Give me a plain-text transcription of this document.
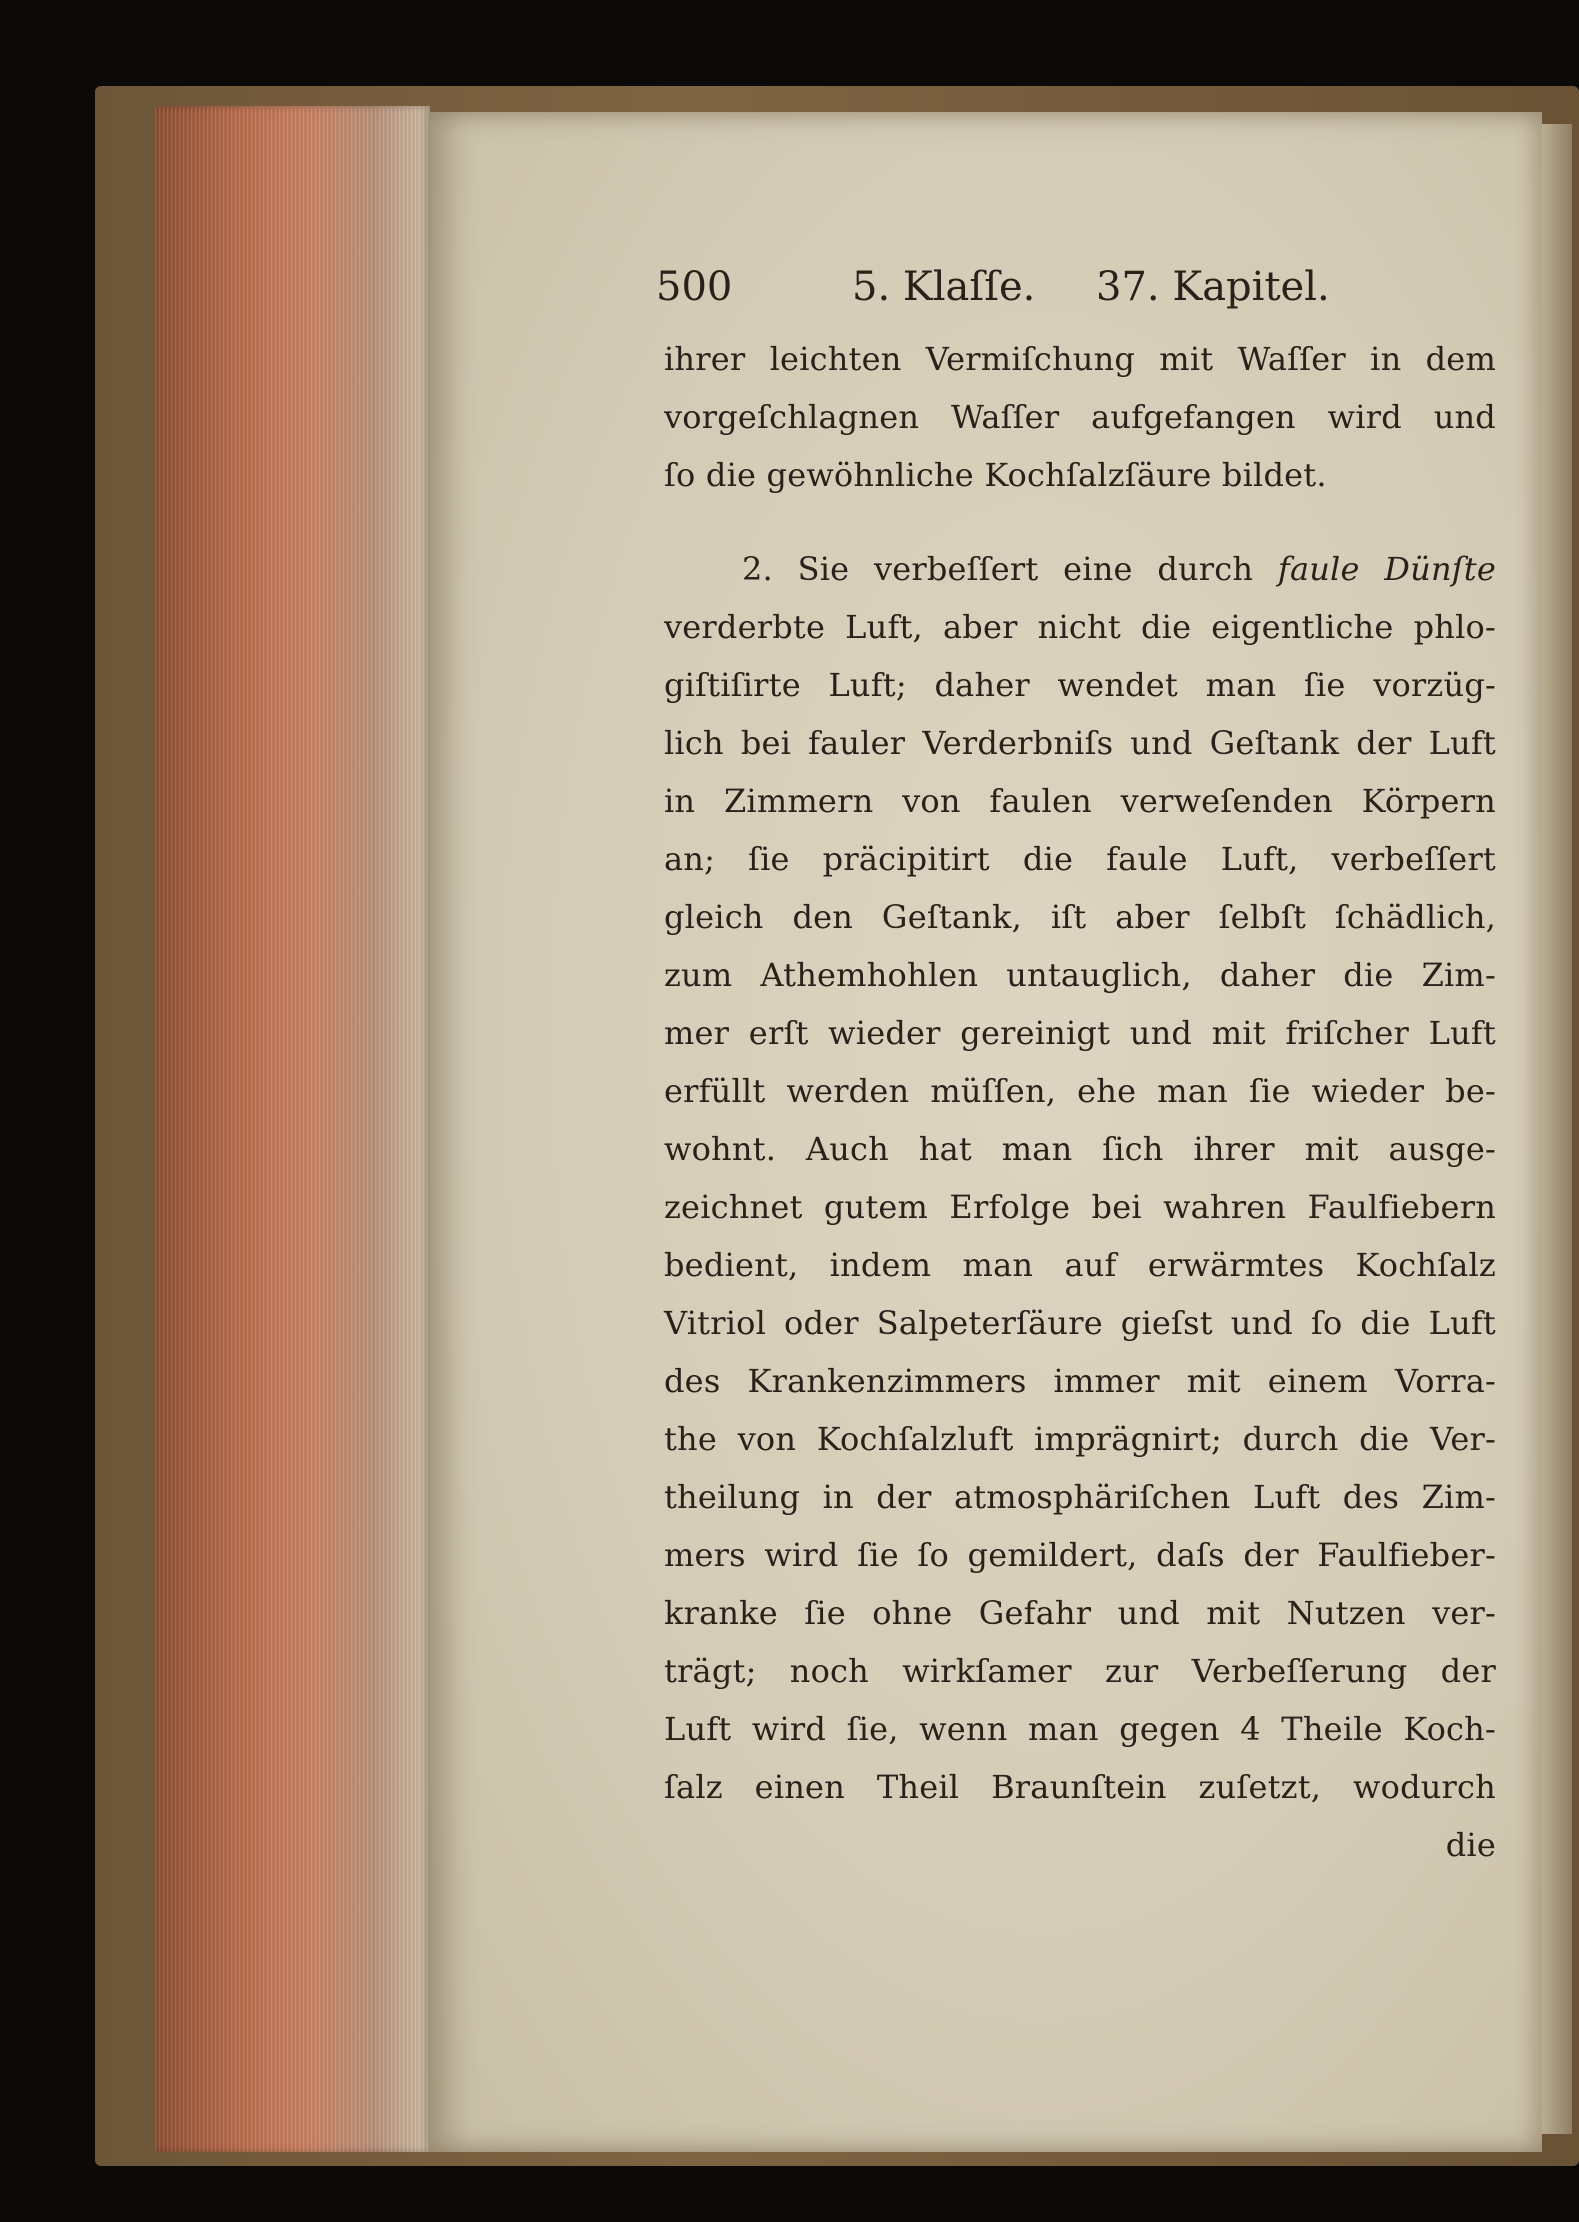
500	5. Klaſſe. 37. Kapitel.
ihrer leichten Vermiſchung mit Waſſer in dem
vorgeſchlagnen Waſſer aufgefangen wird und
ſo die gewöhnliche Kochſalzſäure bildet.
2. Sie verbeſſert eine durch faule Dünſte
verderbte Luft, aber nicht die eigentliche phlo-
giſtiſirte Luft; daher wendet man ſie vorzüg-
lich bei fauler Verderbniſs und Geſtank der Luft
in Zimmern von faulen verweſenden Körpern
an; ſie präcipitirt die faule Luft, verbeſſert
gleich den Geſtank, iſt aber ſelbſt ſchädlich,
zum Athemhohlen untauglich, daher die Zim-
mer erſt wieder gereinigt und mit friſcher Luft
erfüllt werden müſſen, ehe man ſie wieder be-
wohnt. Auch hat man ſich ihrer mit ausge-
zeichnet gutem Erfolge bei wahren Faulfiebern
bedient, indem man auf erwärmtes Kochſalz
Vitriol oder Salpeterſäure gieſst und ſo die Luft
des Krankenzimmers immer mit einem Vorra-
the von Kochſalzluft imprägnirt; durch die Ver-
theilung in der atmosphäriſchen Luft des Zim-
mers wird ſie ſo gemildert, daſs der Faulfieber-
kranke ſie ohne Gefahr und mit Nutzen ver-
trägt; noch wirkſamer zur Verbeſſerung der
Luft wird ſie, wenn man gegen 4 Theile Koch-
ſalz einen Theil Braunſtein zuſetzt, wodurch
die
